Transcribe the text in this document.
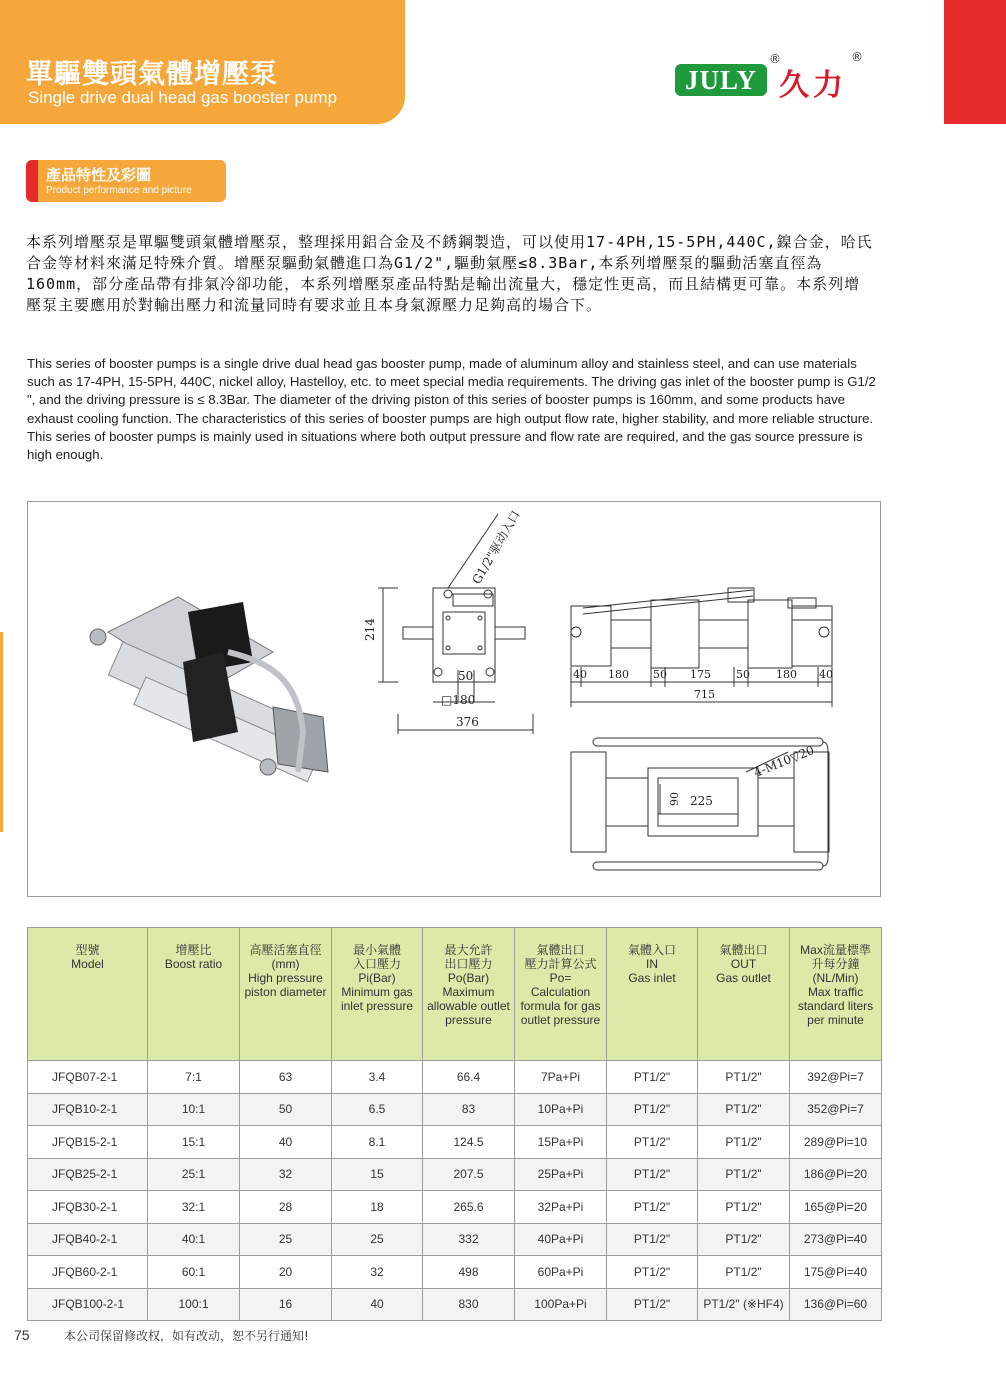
單驅雙頭氣體增壓泵
Single drive dual head gas booster pump
JULY
®
久力
®
產品特性及彩圖
Product performance and picture
本系列增壓泵是單驅雙頭氣體增壓泵，整理採用鋁合金及不銹鋼製造，可以使用17-4PH,15-5PH,440C,鎳合金，哈氏合金等材料來滿足特殊介質。增壓泵驅動氣體進口為G1/2",驅動氣壓≤8.3Bar,本系列增壓泵的驅動活塞直徑為160mm，部分產品帶有排氣冷卻功能，本系列增壓泵產品特點是輸出流量大，穩定性更高，而且結構更可靠。本系列增壓泵主要應用於對輸出壓力和流量同時有要求並且本身氣源壓力足夠高的場合下。
This series of booster pumps is a single drive dual head gas booster pump, made of aluminum alloy and stainless steel, and can use materials such as 17-4PH, 15-5PH, 440C, nickel alloy, Hastelloy, etc. to meet special media requirements. The driving gas inlet of the booster pump is G1/2 ", and the driving pressure is ≤ 8.3Bar. The diameter of the driving piston of this series of booster pumps is 160mm, and some products have exhaust cooling function. The characteristics of this series of booster pumps are high output flow rate, higher stability, and more reliable structure. This series of booster pumps is mainly used in situations where both output pressure and flow rate are required, and the gas source pressure is high enough.
G1/2"驱动入口
214
50
□180
376
40 180 50 175 50 180 40
715
90 225
4-M10▽20
型號
Model	增壓比
Boost ratio	高壓活塞直徑
(mm)
High pressure piston diameter	最小氣體
入口壓力
Pi(Bar)
Minimum gas inlet pressure	最大允許
出口壓力
Po(Bar)
Maximum allowable outlet pressure	氣體出口
壓力計算公式
Po=
Calculation formula for gas outlet pressure	氣體入口
IN
Gas inlet	氣體出口
OUT
Gas outlet	Max流量標準
升每分鐘
(NL/Min)
Max traffic standard liters per minute

JFQB07-2-1	7:1	63	3.4	66.4	7Pa+Pi	PT1/2"	PT1/2"	392@Pi=7
JFQB10-2-1	10:1	50	6.5	83	10Pa+Pi	PT1/2"	PT1/2"	352@Pi=7
JFQB15-2-1	15:1	40	8.1	124.5	15Pa+Pi	PT1/2"	PT1/2"	289@Pi=10
JFQB25-2-1	25:1	32	15	207.5	25Pa+Pi	PT1/2"	PT1/2"	186@Pi=20
JFQB30-2-1	32:1	28	18	265.6	32Pa+Pi	PT1/2"	PT1/2"	165@Pi=20
JFQB40-2-1	40:1	25	25	332	40Pa+Pi	PT1/2"	PT1/2"	273@Pi=40
JFQB60-2-1	60:1	20	32	498	60Pa+Pi	PT1/2"	PT1/2"	175@Pi=40
JFQB100-2-1	100:1	16	40	830	100Pa+Pi	PT1/2"	PT1/2" (※HF4)	136@Pi=60
75	本公司保留修改权，如有改动，恕不另行通知!
